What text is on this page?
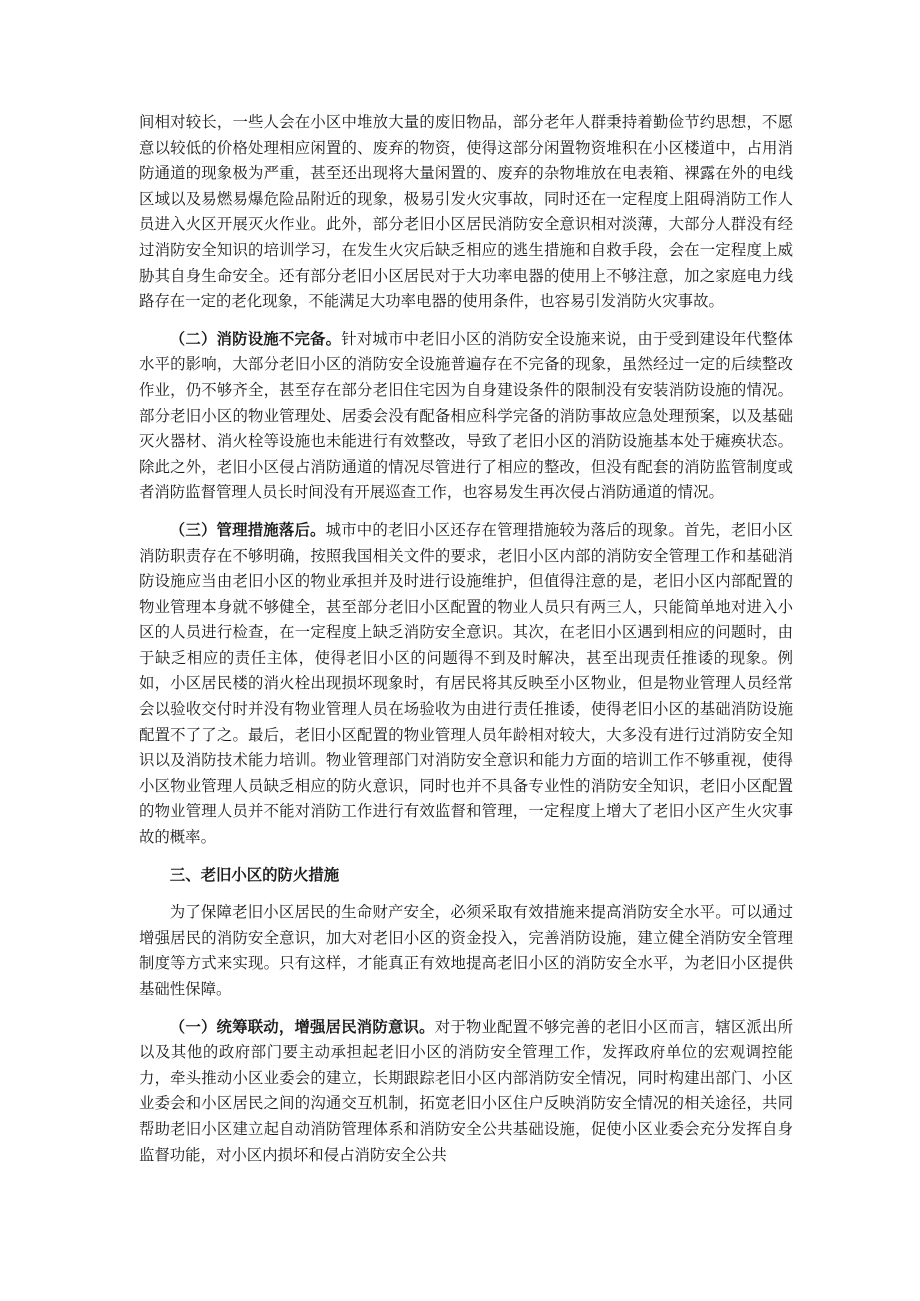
间相对较长，一些人会在小区中堆放大量的废旧物品，部分老年人群秉持着勤俭节约思想，不愿意以较低的价格处理相应闲置的、废弃的物资，使得这部分闲置物资堆积在小区楼道中，占用消防通道的现象极为严重，甚至还出现将大量闲置的、废弃的杂物堆放在电表箱、裸露在外的电线区域以及易燃易爆危险品附近的现象，极易引发火灾事故，同时还在一定程度上阻碍消防工作人员进入火区开展灭火作业。此外，部分老旧小区居民消防安全意识相对淡薄，大部分人群没有经过消防安全知识的培训学习，在发生火灾后缺乏相应的逃生措施和自救手段，会在一定程度上威胁其自身生命安全。还有部分老旧小区居民对于大功率电器的使用上不够注意，加之家庭电力线路存在一定的老化现象，不能满足大功率电器的使用条件，也容易引发消防火灾事故。

（二）消防设施不完备。针对城市中老旧小区的消防安全设施来说，由于受到建设年代整体水平的影响，大部分老旧小区的消防安全设施普遍存在不完备的现象，虽然经过一定的后续整改作业，仍不够齐全，甚至存在部分老旧住宅因为自身建设条件的限制没有安装消防设施的情况。部分老旧小区的物业管理处、居委会没有配备相应科学完备的消防事故应急处理预案，以及基础灭火器材、消火栓等设施也未能进行有效整改，导致了老旧小区的消防设施基本处于瘫痪状态。除此之外，老旧小区侵占消防通道的情况尽管进行了相应的整改，但没有配套的消防监管制度或者消防监督管理人员长时间没有开展巡查工作，也容易发生再次侵占消防通道的情况。

（三）管理措施落后。城市中的老旧小区还存在管理措施较为落后的现象。首先，老旧小区消防职责存在不够明确，按照我国相关文件的要求，老旧小区内部的消防安全管理工作和基础消防设施应当由老旧小区的物业承担并及时进行设施维护，但值得注意的是，老旧小区内部配置的物业管理本身就不够健全，甚至部分老旧小区配置的物业人员只有两三人，只能简单地对进入小区的人员进行检查，在一定程度上缺乏消防安全意识。其次，在老旧小区遇到相应的问题时，由于缺乏相应的责任主体，使得老旧小区的问题得不到及时解决，甚至出现责任推诿的现象。例如，小区居民楼的消火栓出现损坏现象时，有居民将其反映至小区物业，但是物业管理人员经常会以验收交付时并没有物业管理人员在场验收为由进行责任推诿，使得老旧小区的基础消防设施配置不了了之。最后，老旧小区配置的物业管理人员年龄相对较大，大多没有进行过消防安全知识以及消防技术能力培训。物业管理部门对消防安全意识和能力方面的培训工作不够重视，使得小区物业管理人员缺乏相应的防火意识，同时也并不具备专业性的消防安全知识，老旧小区配置的物业管理人员并不能对消防工作进行有效监督和管理，一定程度上增大了老旧小区产生火灾事故的概率。

三、老旧小区的防火措施

为了保障老旧小区居民的生命财产安全，必须采取有效措施来提高消防安全水平。可以通过增强居民的消防安全意识，加大对老旧小区的资金投入，完善消防设施，建立健全消防安全管理制度等方式来实现。只有这样，才能真正有效地提高老旧小区的消防安全水平，为老旧小区提供基础性保障。

（一）统筹联动，增强居民消防意识。对于物业配置不够完善的老旧小区而言，辖区派出所以及其他的政府部门要主动承担起老旧小区的消防安全管理工作，发挥政府单位的宏观调控能力，牵头推动小区业委会的建立，长期跟踪老旧小区内部消防安全情况，同时构建出部门、小区业委会和小区居民之间的沟通交互机制，拓宽老旧小区住户反映消防安全情况的相关途径，共同帮助老旧小区建立起自动消防管理体系和消防安全公共基础设施，促使小区业委会充分发挥自身监督功能，对小区内损坏和侵占消防安全公共
